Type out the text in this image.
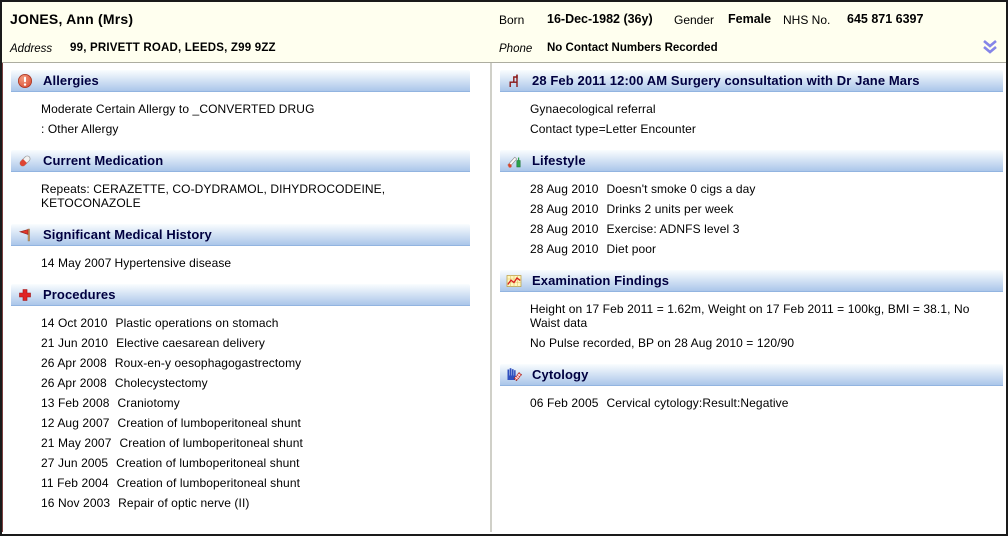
JONES, Ann (Mrs)
Address 99, PRIVETT ROAD, LEEDS, Z99 9ZZ
Born 16-Dec-1982 (36y) Gender Female NHS No. 645 871 6397
Phone No Contact Numbers Recorded
Allergies
Moderate Certain Allergy to _CONVERTED DRUG
: Other Allergy
Current Medication
Repeats: CERAZETTE, CO-DYDRAMOL, DIHYDROCODEINE, KETOCONAZOLE
Significant Medical History
14 May 2007 Hypertensive disease
Procedures
14 Oct 2010 Plastic operations on stomach
21 Jun 2010 Elective caesarean delivery
26 Apr 2008 Roux-en-y oesophagogastrectomy
26 Apr 2008 Cholecystectomy
13 Feb 2008 Craniotomy
12 Aug 2007 Creation of lumboperitoneal shunt
21 May 2007 Creation of lumboperitoneal shunt
27 Jun 2005 Creation of lumboperitoneal shunt
11 Feb 2004 Creation of lumboperitoneal shunt
16 Nov 2003 Repair of optic nerve (II)
28 Feb 2011 12:00 AM Surgery consultation with Dr Jane Mars
Gynaecological referral
Contact type=Letter Encounter
Lifestyle
28 Aug 2010 Doesn't smoke 0 cigs a day
28 Aug 2010 Drinks 2 units per week
28 Aug 2010 Exercise: ADNFS level 3
28 Aug 2010 Diet poor
Examination Findings
Height on 17 Feb 2011 = 1.62m, Weight on 17 Feb 2011 = 100kg, BMI = 38.1, No Waist data
No Pulse recorded, BP on 28 Aug 2010 = 120/90
Cytology
06 Feb 2005 Cervical cytology:Result:Negative
